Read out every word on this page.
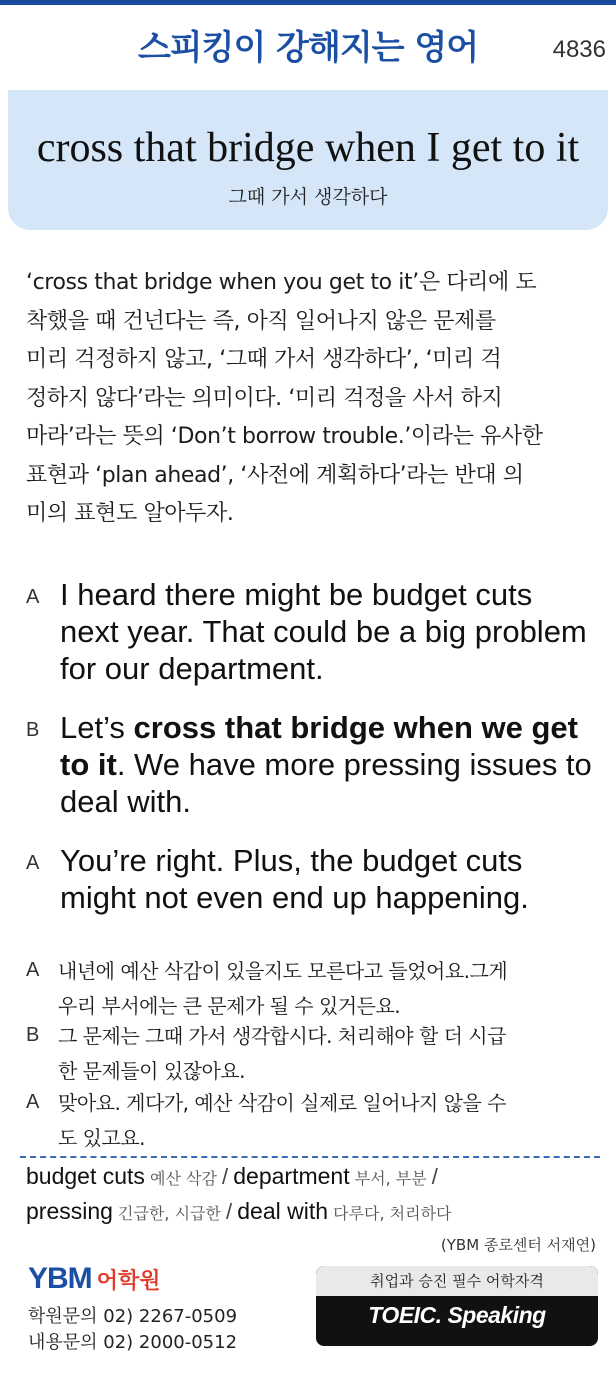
스피킹이 강해지는 영어	4836
cross that bridge when I get to it
그때 가서 생각하다

‘cross that bridge when you get to it’은 다리에 도

착했을 때 건넌다는 즉, 아직 일어나지 않은 문제를

미리 걱정하지 않고, ‘그때 가서 생각하다’, ‘미리 걱

정하지 않다’라는 의미이다. ‘미리 걱정을 사서 하지

마라’라는 뜻의 ‘Don’t borrow trouble.’이라는 유사한

표현과 ‘plan ahead’, ‘사전에 계획하다’라는 반대 의

미의 표현도 알아두자.

A I heard there might be budget cuts
next year. That could be a big problem
for our department.
B Let’s cross that bridge when we get
to it. We have more pressing issues to
deal with.
A You’re right. Plus, the budget cuts
might not even end up happening.
A 내년에 예산 삭감이 있을지도 모른다고 들었어요.그게
우리 부서에는 큰 문제가 될 수 있거든요.
B 그 문제는 그때 가서 생각합시다. 처리해야 할 더 시급
한 문제들이 있잖아요.
A 맞아요. 게다가, 예산 삭감이 실제로 일어나지 않을 수
도 있고요.
budget cuts 예산 삭감 / department 부서, 부분 /
pressing 긴급한, 시급한 / deal with 다루다, 처리하다
(YBM 종로센터 서재연)
YBM 어학원
학원문의 02) 2267-0509
내용문의 02) 2000-0512
취업과 승진 필수 어학자격
TOEIC. Speaking
